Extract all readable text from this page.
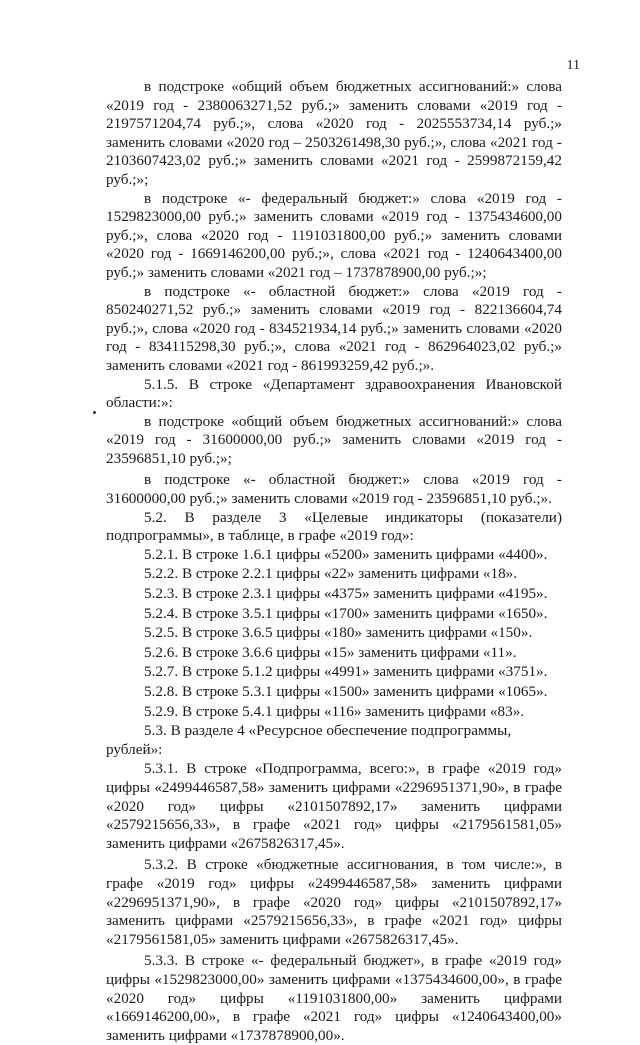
11

в подстроке «общий объем бюджетных ассигнований:» слова «2019 год - 2380063271,52 руб.;» заменить словами «2019 год - 2197571204,74 руб.;», слова «2020 год - 2025553734,14 руб.;» заменить словами «2020 год – 2503261498,30 руб.;», слова «2021 год - 2103607423,02 руб.;» заменить словами «2021 год - 2599872159,42 руб.;»;

в подстроке «- федеральный бюджет:» слова «2019 год - 1529823000,00 руб.;» заменить словами «2019 год - 1375434600,00 руб.;», слова «2020 год - 1191031800,00 руб.;» заменить словами «2020 год - 1669146200,00 руб.;», слова «2021 год - 1240643400,00 руб.;» заменить словами «2021 год – 1737878900,00 руб.;»;

в подстроке «- областной бюджет:» слова «2019 год - 850240271,52 руб.;» заменить словами «2019 год - 822136604,74 руб.;», слова «2020 год - 834521934,14 руб.;» заменить словами «2020 год - 834115298,30 руб.;», слова «2021 год - 862964023,02 руб.;» заменить словами «2021 год - 861993259,42 руб.;».

5.1.5. В строке «Департамент здравоохранения Ивановской области:»:

в подстроке «общий объем бюджетных ассигнований:» слова «2019 год - 31600000,00 руб.;» заменить словами «2019 год - 23596851,10 руб.;»;

в подстроке «- областной бюджет:» слова «2019 год - 31600000,00 руб.;» заменить словами «2019 год - 23596851,10 руб.;».

5.2. В разделе 3 «Целевые индикаторы (показатели) подпрограммы», в таблице, в графе «2019 год»:

5.2.1. В строке 1.6.1 цифры «5200» заменить цифрами «4400».

5.2.2. В строке 2.2.1 цифры «22» заменить цифрами «18».

5.2.3. В строке 2.3.1 цифры «4375» заменить цифрами «4195».

5.2.4. В строке 3.5.1 цифры «1700» заменить цифрами «1650».

5.2.5. В строке 3.6.5 цифры «180» заменить цифрами «150».

5.2.6. В строке 3.6.6 цифры «15» заменить цифрами «11».

5.2.7. В строке 5.1.2 цифры «4991» заменить цифрами «3751».

5.2.8. В строке 5.3.1 цифры «1500» заменить цифрами «1065».

5.2.9. В строке 5.4.1 цифры «116» заменить цифрами «83».

5.3. В разделе 4 «Ресурсное обеспечение подпрограммы, рублей»:

5.3.1. В строке «Подпрограмма, всего:», в графе «2019 год» цифры «2499446587,58» заменить цифрами «2296951371,90», в графе «2020 год» цифры «2101507892,17» заменить цифрами «2579215656,33», в графе «2021 год» цифры «2179561581,05» заменить цифрами «2675826317,45».

5.3.2. В строке «бюджетные ассигнования, в том числе:», в графе «2019 год» цифры «2499446587,58» заменить цифрами «2296951371,90», в графе «2020 год» цифры «2101507892,17» заменить цифрами «2579215656,33», в графе «2021 год» цифры «2179561581,05» заменить цифрами «2675826317,45».

5.3.3. В строке «- федеральный бюджет», в графе «2019 год» цифры «1529823000,00» заменить цифрами «1375434600,00», в графе «2020 год» цифры «1191031800,00» заменить цифрами «1669146200,00», в графе «2021 год» цифры «1240643400,00» заменить цифрами «1737878900,00».
